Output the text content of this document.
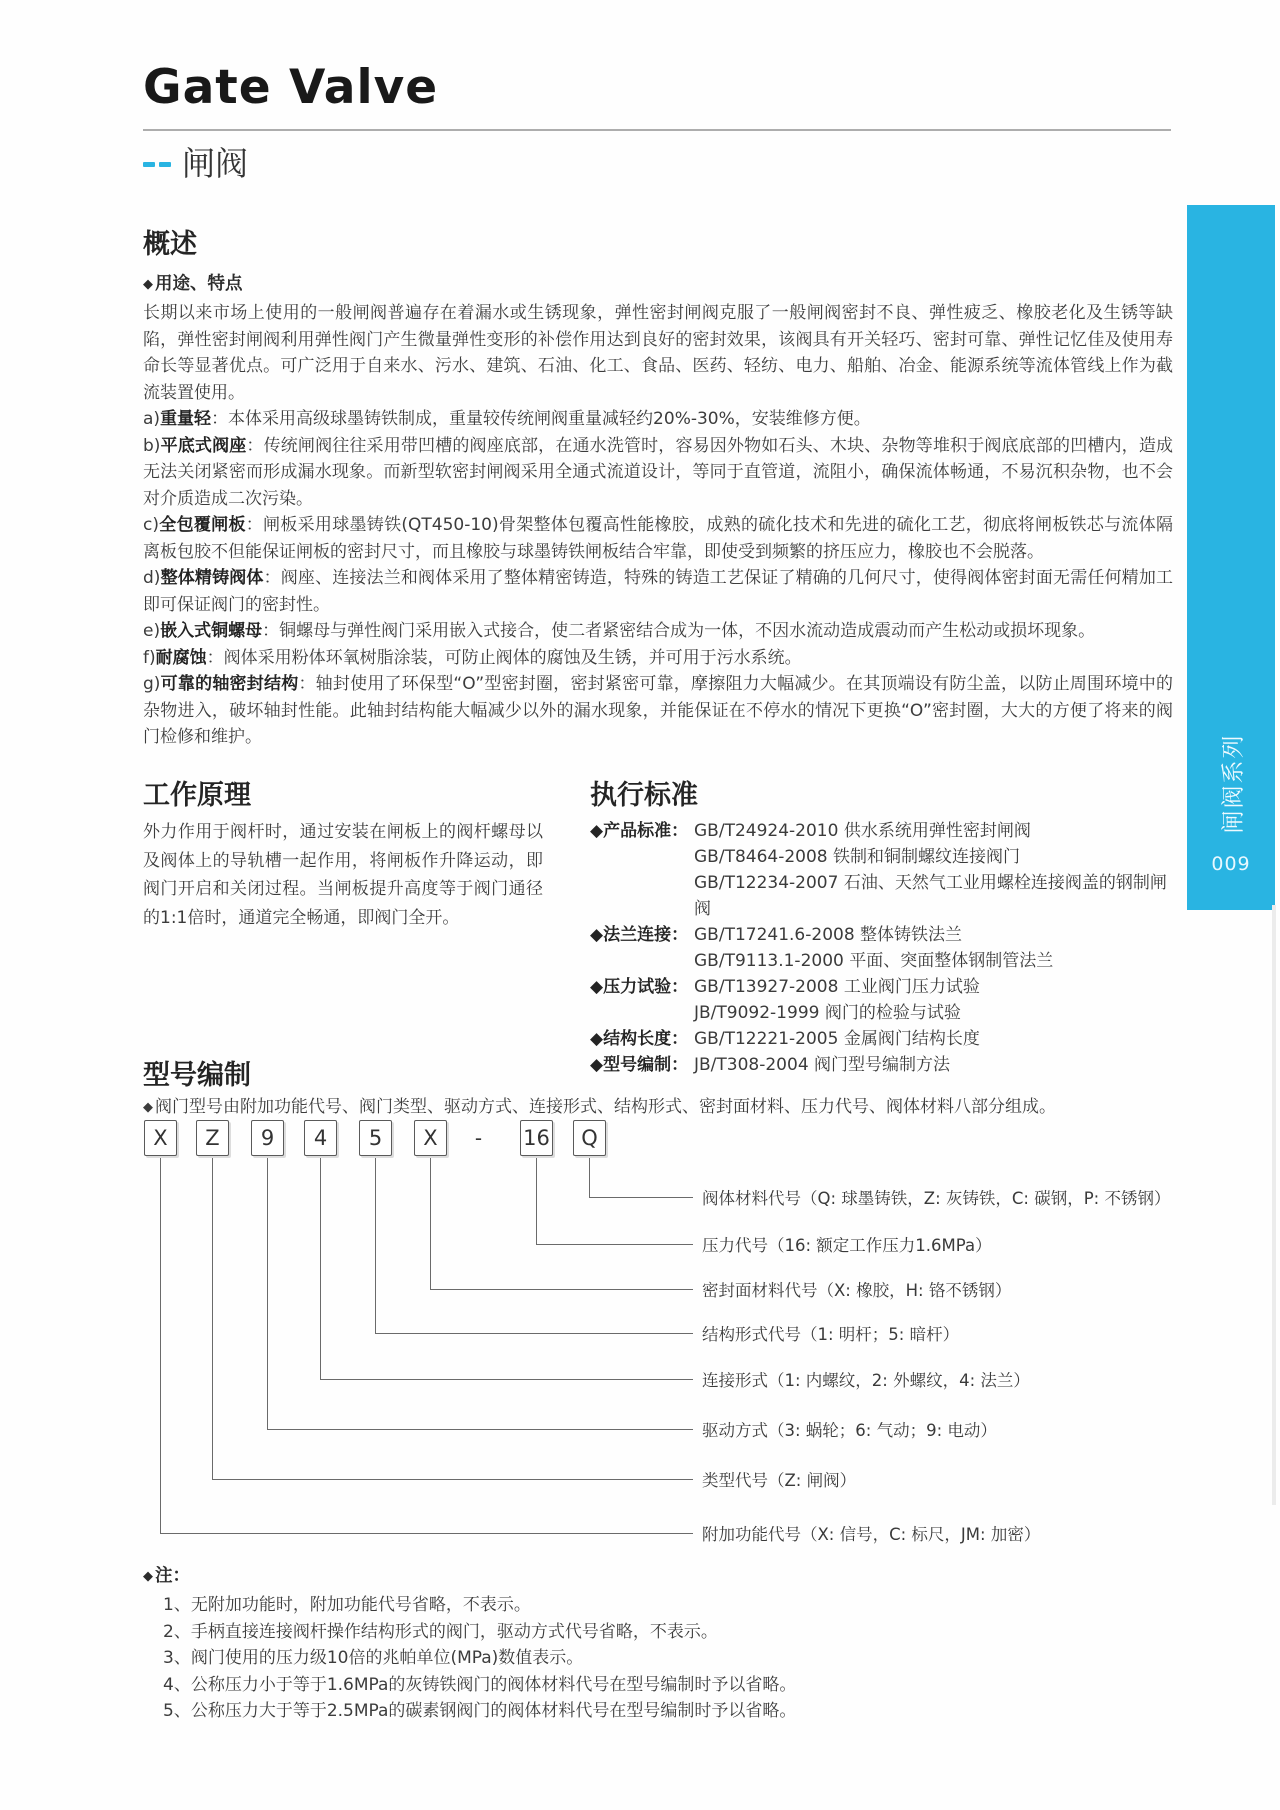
Gate Valve
闸阀
概述
◆ 用途、特点

长期以来市场上使用的一般闸阀普遍存在着漏水或生锈现象，弹性密封闸阀克服了一般闸阀密封不良、弹性疲乏、橡胶老化及生锈等缺陷，弹性密封闸阀利用弹性阀门产生微量弹性变形的补偿作用达到良好的密封效果，该阀具有开关轻巧、密封可靠、弹性记忆佳及使用寿命长等显著优点。可广泛用于自来水、污水、建筑、石油、化工、食品、医药、轻纺、电力、船舶、冶金、能源系统等流体管线上作为截流装置使用。

a)重量轻：本体采用高级球墨铸铁制成，重量较传统闸阀重量减轻约20%-30%，安装维修方便。

b)平底式阀座：传统闸阀往往采用带凹槽的阀座底部，在通水洗管时，容易因外物如石头、木块、杂物等堆积于阀底底部的凹槽内，造成无法关闭紧密而形成漏水现象。而新型软密封闸阀采用全通式流道设计，等同于直管道，流阻小，确保流体畅通，不易沉积杂物，也不会对介质造成二次污染。

c)全包覆闸板：闸板采用球墨铸铁(QT450-10)骨架整体包覆高性能橡胶，成熟的硫化技术和先进的硫化工艺，彻底将闸板铁芯与流体隔离板包胶不但能保证闸板的密封尺寸，而且橡胶与球墨铸铁闸板结合牢靠，即使受到频繁的挤压应力，橡胶也不会脱落。

d)整体精铸阀体：阀座、连接法兰和阀体采用了整体精密铸造，特殊的铸造工艺保证了精确的几何尺寸，使得阀体密封面无需任何精加工即可保证阀门的密封性。

e)嵌入式铜螺母：铜螺母与弹性阀门采用嵌入式接合，使二者紧密结合成为一体，不因水流动造成震动而产生松动或损坏现象。

f)耐腐蚀：阀体采用粉体环氧树脂涂装，可防止阀体的腐蚀及生锈，并可用于污水系统。

g)可靠的轴密封结构：轴封使用了环保型“O”型密封圈，密封紧密可靠，摩擦阻力大幅减少。在其顶端设有防尘盖，以防止周围环境中的杂物进入，破坏轴封性能。此轴封结构能大幅减少以外的漏水现象，并能保证在不停水的情况下更换“O”密封圈，大大的方便了将来的阀门检修和维护。

工作原理
外力作用于阀杆时，通过安装在闸板上的阀杆螺母以及阀体上的导轨槽一起作用，将闸板作升降运动，即阀门开启和关闭过程。当闸板提升高度等于阀门通径的1:1倍时，通道完全畅通，即阀门全开。
执行标准
◆产品标准： GB/T24924-2010 供水系统用弹性密封闸阀
GB/T8464-2008 铁制和铜制螺纹连接阀门
GB/T12234-2007 石油、天然气工业用螺栓连接阀盖的钢制闸阀
◆法兰连接： GB/T17241.6-2008 整体铸铁法兰
GB/T9113.1-2000 平面、突面整体钢制管法兰
◆压力试验： GB/T13927-2008 工业阀门压力试验
JB/T9092-1999 阀门的检验与试验
◆结构长度： GB/T12221-2005 金属阀门结构长度
◆型号编制： JB/T308-2004 阀门型号编制方法
型号编制
◆ 阀门型号由附加功能代号、阀门类型、驱动方式、连接形式、结构形式、密封面材料、压力代号、阀体材料八部分组成。
X	Z	9	4	5	X	-	16	Q
阀体材料代号（Q: 球墨铸铁，Z: 灰铸铁，C: 碳钢，P: 不锈钢）
压力代号（16: 额定工作压力1.6MPa）
密封面材料代号（X: 橡胶，H: 铬不锈钢）
结构形式代号（1: 明杆；5: 暗杆）
连接形式（1: 内螺纹，2: 外螺纹，4: 法兰）
驱动方式（3: 蜗轮；6: 气动；9: 电动）
类型代号（Z: 闸阀）
附加功能代号（X: 信号，C: 标尺，JM: 加密）
◆ 注：
1、无附加功能时，附加功能代号省略，不表示。
2、手柄直接连接阀杆操作结构形式的阀门，驱动方式代号省略，不表示。
3、阀门使用的压力级10倍的兆帕单位(MPa)数值表示。
4、公称压力小于等于1.6MPa的灰铸铁阀门的阀体材料代号在型号编制时予以省略。
5、公称压力大于等于2.5MPa的碳素钢阀门的阀体材料代号在型号编制时予以省略。
闸阀系列
009
